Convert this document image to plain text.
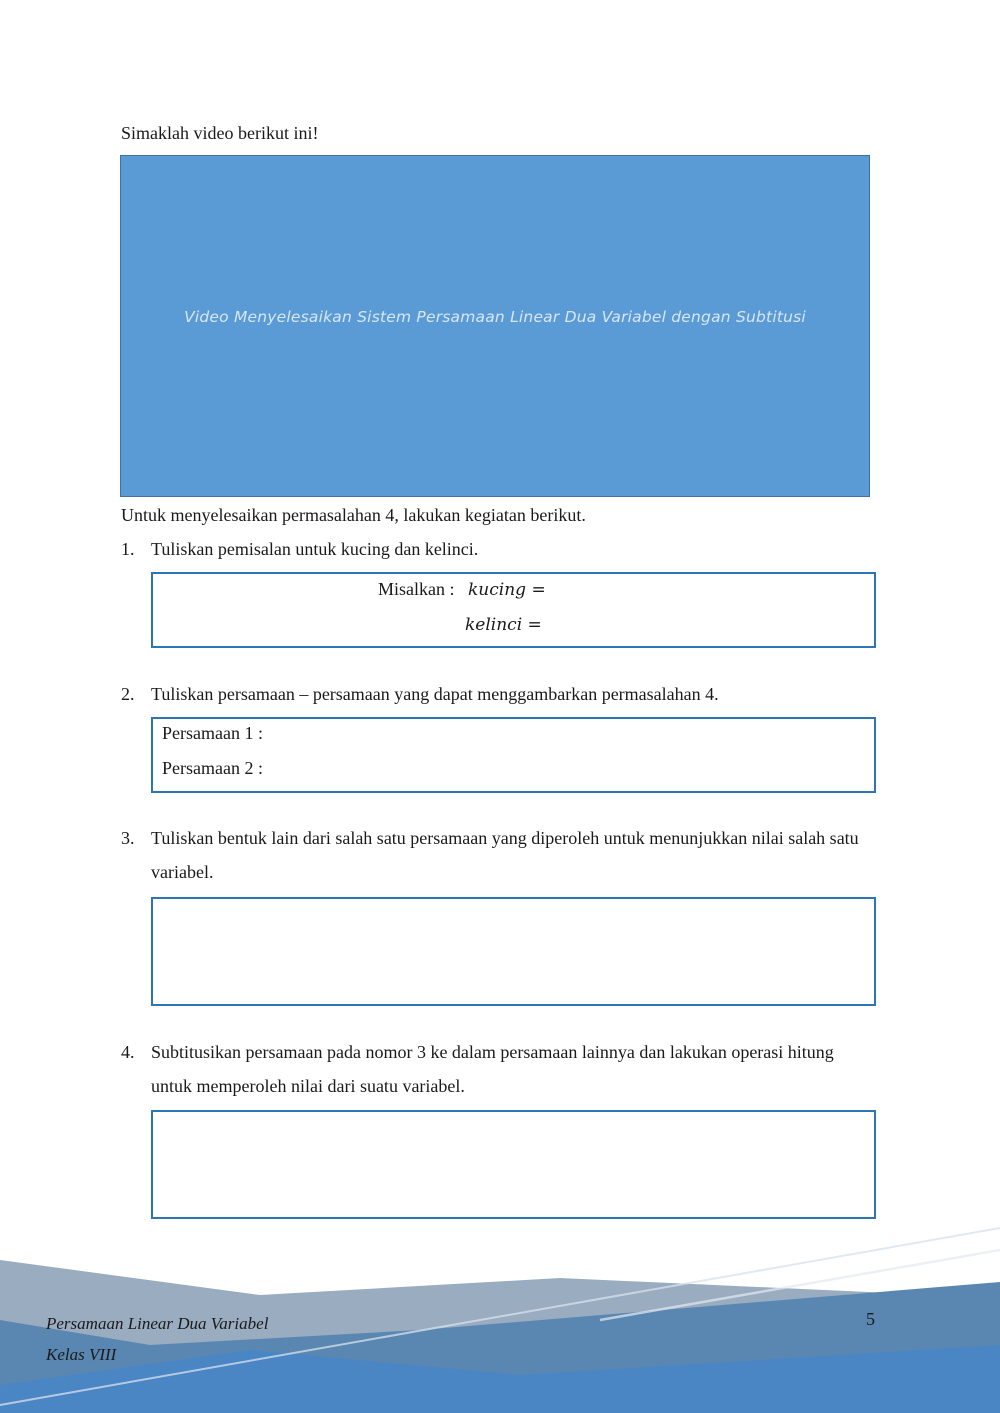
Simaklah video berikut ini!
Video Menyelesaikan Sistem Persamaan Linear Dua Variabel dengan Subtitusi
Untuk menyelesaikan permasalahan 4, lakukan kegiatan berikut.
1. Tuliskan pemisalan untuk kucing dan kelinci.
Misalkan : kucing =
kelinci =
2. Tuliskan persamaan – persamaan yang dapat menggambarkan permasalahan 4.
Persamaan 1 :
Persamaan 2 :
3. Tuliskan bentuk lain dari salah satu persamaan yang diperoleh untuk menunjukkan nilai salah satu variabel.
4. Subtitusikan persamaan pada nomor 3 ke dalam persamaan lainnya dan lakukan operasi hitung untuk memperoleh nilai dari suatu variabel.
Persamaan Linear Dua Variabel
Kelas VIII
5
